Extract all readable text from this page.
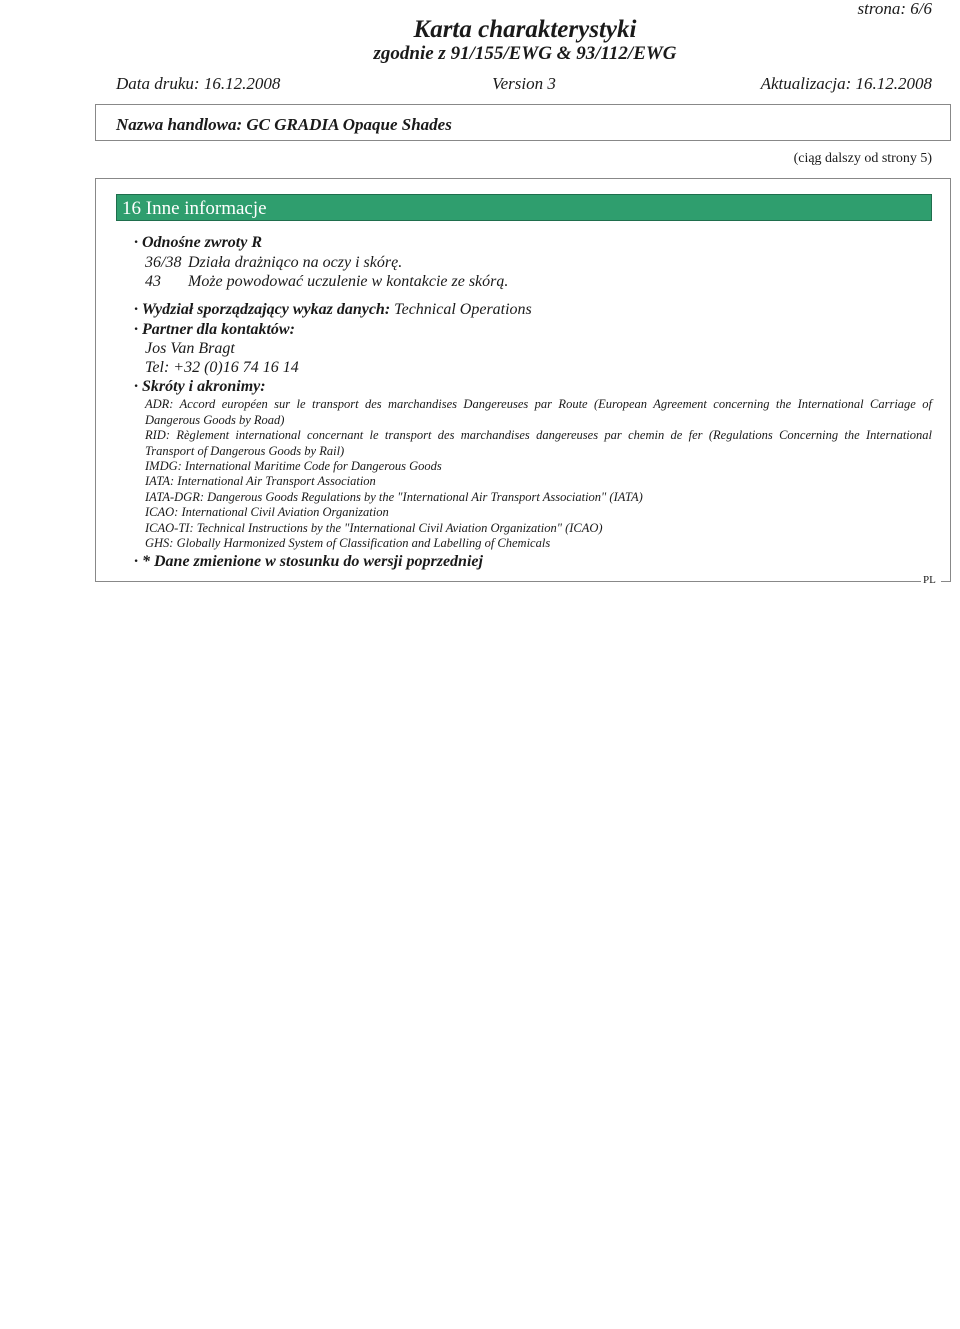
strona: 6/6
Karta charakterystyki
zgodnie z 91/155/EWG & 93/112/EWG
Data druku: 16.12.2008	Version 3	Aktualizacja: 16.12.2008
Nazwa handlowa: GC GRADIA Opaque Shades
(ciąg dalszy od strony 5)
PL
16 Inne informacje
· Odnośne zwroty R
36/38 Działa drażniąco na oczy i skórę.
43 Może powodować uczulenie w kontakcie ze skórą.
· Wydział sporządzający wykaz danych: Technical Operations
· Partner dla kontaktów:
Jos Van Bragt
Tel: +32 (0)16 74 16 14
· Skróty i akronimy:
ADR: Accord européen sur le transport des marchandises Dangereuses par Route (European Agreement concerning the International Carriage of Dangerous Goods by Road)
RID: Règlement international concernant le transport des marchandises dangereuses par chemin de fer (Regulations Concerning the International Transport of Dangerous Goods by Rail)
IMDG: International Maritime Code for Dangerous Goods
IATA: International Air Transport Association
IATA-DGR: Dangerous Goods Regulations by the "International Air Transport Association" (IATA)
ICAO: International Civil Aviation Organization
ICAO-TI: Technical Instructions by the "International Civil Aviation Organization" (ICAO)
GHS: Globally Harmonized System of Classification and Labelling of Chemicals
· * Dane zmienione w stosunku do wersji poprzedniej
